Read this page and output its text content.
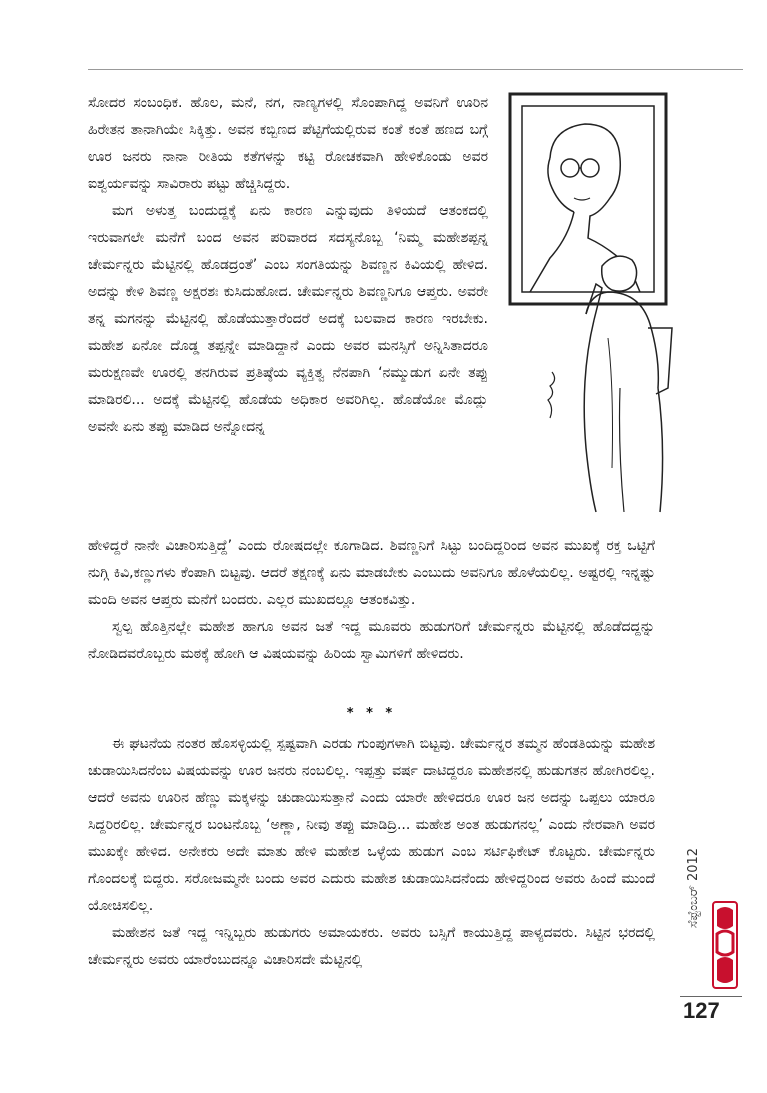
ಸೋದರ ಸಂಬಂಧಿಕ. ಹೊಲ, ಮನೆ, ನಗ, ನಾಣ್ಯಗಳಲ್ಲಿ ಸೊಂಪಾಗಿದ್ದ ಅವನಿಗೆ ಊರಿನ ಹಿರೇತನ ತಾನಾಗಿಯೇ ಸಿಕ್ಕಿತ್ತು. ಅವನ ಕಬ್ಬಿಣದ ಪೆಟ್ಟಿಗೆಯಲ್ಲಿರುವ ಕಂತೆ ಕಂತೆ ಹಣದ ಬಗ್ಗೆ ಊರ ಜನರು ನಾನಾ ರೀತಿಯ ಕತೆಗಳನ್ನು ಕಟ್ಟಿ ರೋಚಕವಾಗಿ ಹೇಳಿಕೊಂಡು ಅವರ ಐಶ್ವರ್ಯವನ್ನು ಸಾವಿರಾರು ಪಟ್ಟು ಹೆಚ್ಚಿಸಿದ್ದರು.

ಮಗ ಅಳುತ್ತ ಬಂದುದ್ದಕ್ಕೆ ಏನು ಕಾರಣ ಎನ್ನುವುದು ತಿಳಿಯದೆ ಆತಂಕದಲ್ಲಿ ಇರುವಾಗಲೇ ಮನೆಗೆ ಬಂದ ಅವನ ಪರಿವಾರದ ಸದಸ್ಯನೊಬ್ಬ ‘ನಿಮ್ಮ ಮಹೇಶಪ್ಪನ್ನ ಚೇರ್ಮನ್ನರು ಮೆಟ್ಟಿನಲ್ಲಿ ಹೊಡದ್ರಂತೆ’ ಎಂಬ ಸಂಗತಿಯನ್ನು ಶಿವಣ್ಣನ ಕಿವಿಯಲ್ಲಿ ಹೇಳಿದ. ಅದನ್ನು ಕೇಳಿ ಶಿವಣ್ಣ ಅಕ್ಷರಶಃ ಕುಸಿದುಹೋದ. ಚೇರ್ಮನ್ನರು ಶಿವಣ್ಣನಿಗೂ ಆಪ್ತರು. ಅವರೇ ತನ್ನ ಮಗನನ್ನು ಮೆಟ್ಟಿನಲ್ಲಿ ಹೊಡೆಯುತ್ತಾರೆಂದರೆ ಅದಕ್ಕೆ ಬಲವಾದ ಕಾರಣ ಇರಬೇಕು. ಮಹೇಶ ಏನೋ ದೊಡ್ಡ ತಪ್ಪನ್ನೇ ಮಾಡಿದ್ದಾನೆ ಎಂದು ಅವರ ಮನಸ್ಸಿಗೆ ಅನ್ನಿಸಿತಾದರೂ ಮರುಕ್ಷಣವೇ ಊರಲ್ಲಿ ತನಗಿರುವ ಪ್ರತಿಷ್ಠೆಯ ವ್ಯಕ್ತಿತ್ವ ನೆನಪಾಗಿ ‘ನಮ್ಮುಡುಗ ಏನೇ ತಪ್ಪು ಮಾಡಿರಲಿ... ಅದಕ್ಕೆ ಮೆಟ್ಟಿನಲ್ಲಿ ಹೊಡೆಯ ಅಧಿಕಾರ ಅವರಿಗಿಲ್ಲ. ಹೊಡೆಯೋ ಮೊದ್ಲು ಅವನೇ ಏನು ತಪ್ಪು ಮಾಡಿದ ಅನ್ನೋದನ್ನ

ಹೇಳಿದ್ದರೆ ನಾನೇ ವಿಚಾರಿಸುತ್ತಿದ್ದೆ’ ಎಂದು ರೋಷದಲ್ಲೇ ಕೂಗಾಡಿದ. ಶಿವಣ್ಣನಿಗೆ ಸಿಟ್ಟು ಬಂದಿದ್ದರಿಂದ ಅವನ ಮುಖಕ್ಕೆ ರಕ್ತ ಒಟ್ಟಿಗೆ ನುಗ್ಗಿ ಕಿವಿ,ಕಣ್ಣುಗಳು ಕೆಂಪಾಗಿ ಬಿಟ್ಟವು. ಆದರೆ ತಕ್ಷಣಕ್ಕೆ ಏನು ಮಾಡಬೇಕು ಎಂಬುದು ಅವನಿಗೂ ಹೊಳೆಯಲಿಲ್ಲ. ಅಷ್ಟರಲ್ಲಿ ಇನ್ನಷ್ಟು ಮಂದಿ ಅವನ ಆಪ್ತರು ಮನೆಗೆ ಬಂದರು. ಎಲ್ಲರ ಮುಖದಲ್ಲೂ ಆತಂಕವಿತ್ತು.

ಸ್ವಲ್ಪ ಹೊತ್ತಿನಲ್ಲೇ ಮಹೇಶ ಹಾಗೂ ಅವನ ಜತೆ ಇದ್ದ ಮೂವರು ಹುಡುಗರಿಗೆ ಚೇರ್ಮನ್ನರು ಮೆಟ್ಟಿನಲ್ಲಿ ಹೊಡೆದದ್ದನ್ನು ನೋಡಿದವರೊಬ್ಬರು ಮಠಕ್ಕೆ ಹೋಗಿ ಆ ವಿಷಯವನ್ನು ಹಿರಿಯ ಸ್ವಾಮಿಗಳಿಗೆ ಹೇಳಿದರು.

* * *

ಈ ಘಟನೆಯ ನಂತರ ಹೊಸಳ್ಳಿಯಲ್ಲಿ ಸ್ಪಷ್ಟವಾಗಿ ಎರಡು ಗುಂಪುಗಳಾಗಿ ಬಿಟ್ಟವು. ಚೇರ್ಮನ್ನರ ತಮ್ಮನ ಹೆಂಡತಿಯನ್ನು ಮಹೇಶ ಚುಡಾಯಿಸಿದನೆಂಬ ವಿಷಯವನ್ನು ಊರ ಜನರು ನಂಬಲಿಲ್ಲ. ಇಪ್ಪತ್ತು ವರ್ಷ ದಾಟಿದ್ದರೂ ಮಹೇಶನಲ್ಲಿ ಹುಡುಗತನ ಹೋಗಿರಲಿಲ್ಲ. ಆದರೆ ಅವನು ಊರಿನ ಹೆಣ್ಣು ಮಕ್ಕಳನ್ನು ಚುಡಾಯಿಸುತ್ತಾನೆ ಎಂದು ಯಾರೇ ಹೇಳಿದರೂ ಊರ ಜನ ಅದನ್ನು ಒಪ್ಪಲು ಯಾರೂ ಸಿದ್ದರಿರಲಿಲ್ಲ. ಚೇರ್ಮನ್ನರ ಬಂಟನೊಬ್ಬ ‘ಅಣ್ಣಾ, ನೀವು ತಪ್ಪು ಮಾಡಿದ್ರಿ... ಮಹೇಶ ಅಂತ ಹುಡುಗನಲ್ಲ’ ಎಂದು ನೇರವಾಗಿ ಅವರ ಮುಖಕ್ಕೇ ಹೇಳಿದ. ಅನೇಕರು ಅದೇ ಮಾತು ಹೇಳಿ ಮಹೇಶ ಒಳ್ಳೆಯ ಹುಡುಗ ಎಂಬ ಸರ್ಟಿಫಿಕೇಟ್ ಕೊಟ್ಟರು. ಚೇರ್ಮನ್ನರು ಗೊಂದಲಕ್ಕೆ ಬಿದ್ದರು. ಸರೋಜಮ್ಮನೇ ಬಂದು ಅವರ ಎದುರು ಮಹೇಶ ಚುಡಾಯಿಸಿದನೆಂದು ಹೇಳಿದ್ದರಿಂದ ಅವರು ಹಿಂದೆ ಮುಂದೆ ಯೋಚಿಸಲಿಲ್ಲ.

ಮಹೇಶನ ಜತೆ ಇದ್ದ ಇನ್ನಿಬ್ಬರು ಹುಡುಗರು ಅಮಾಯಕರು. ಅವರು ಬಸ್ಸಿಗೆ ಕಾಯುತ್ತಿದ್ದ ಪಾಳ್ಯದವರು. ಸಿಟ್ಟಿನ ಭರದಲ್ಲಿ ಚೇರ್ಮನ್ನರು ಅವರು ಯಾರೆಂಬುದನ್ನೂ ವಿಚಾರಿಸದೇ ಮೆಟ್ಟಿನಲ್ಲಿ

ಸೆಪ್ಟೆಂಬರ್ 2012
127
